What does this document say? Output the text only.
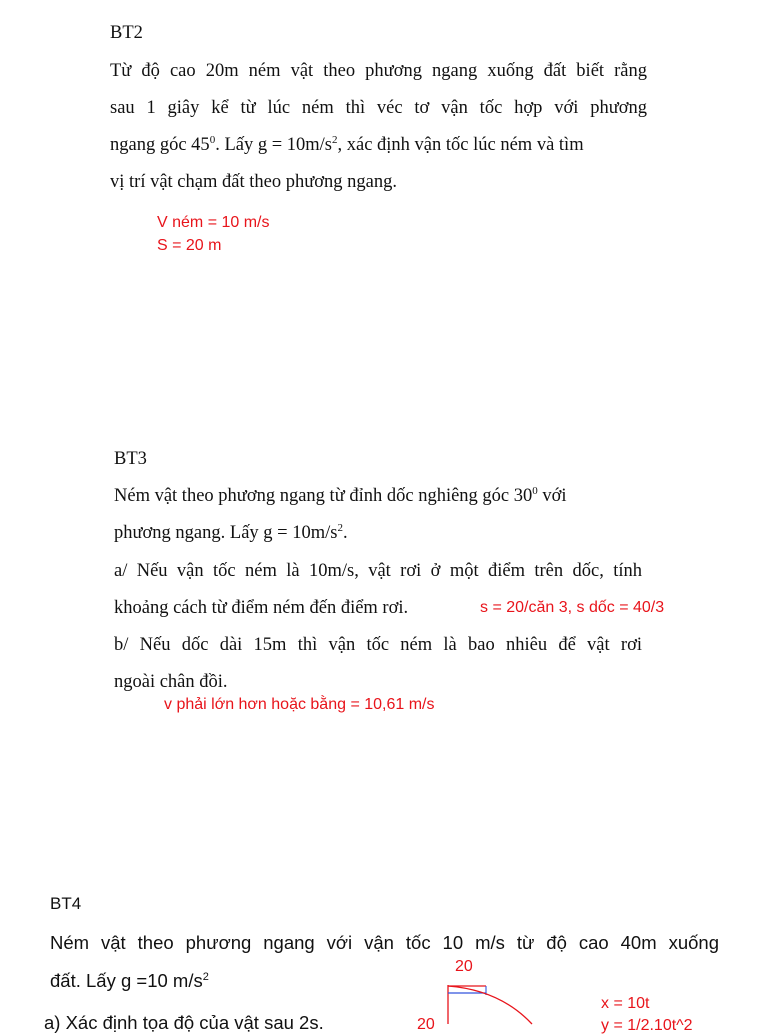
BT2
Từ độ cao 20m ném vật theo phương ngang xuống đất biết rằng
sau 1 giây kể từ lúc ném thì véc tơ vận tốc hợp với phương
ngang góc $45^0$. Lấy $g = 10m/s^2$, xác định vận tốc lúc ném và tìm
vị trí vật chạm đất theo phương ngang.
V ném = 10 m/s
S = 20 m
BT3
Ném vật theo phương ngang từ đỉnh dốc nghiêng góc $30^0$ với
phương ngang. Lấy $g = 10m/s^2$.
a/ Nếu vận tốc ném là 10m/s, vật rơi ở một điểm trên dốc, tính
khoảng cách từ điểm ném đến điểm rơi.	s = 20/căn 3, s dốc = 40/3
b/ Nếu dốc dài 15m thì vận tốc ném là bao nhiêu để vật rơi
ngoài chân đồi.
v phải lớn hơn hoặc bằng = 10,61 m/s
BT4
Ném vật theo phương ngang với vận tốc 10 m/s từ độ cao 40m xuống
đất. Lấy g =10 $m/s^2$
a) Xác định tọa độ của vật sau 2s.
20
20
x = 10t
y = 1/2.10t^2
